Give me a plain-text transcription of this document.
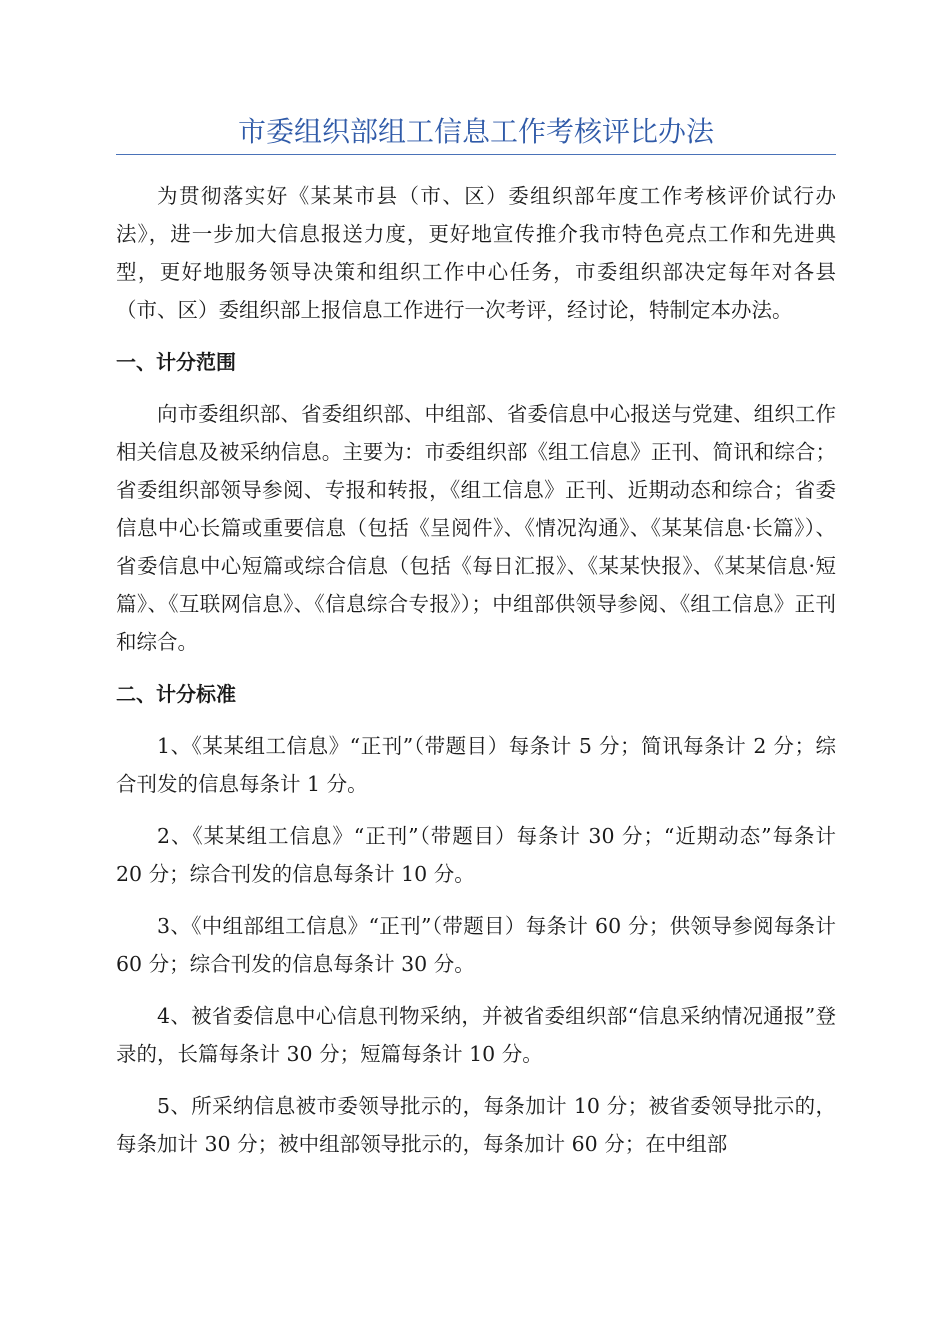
市委组织部组工信息工作考核评比办法

为贯彻落实好《某某市县（市、区）委组织部年度工作考核评价试行办法》，进一步加大信息报送力度，更好地宣传推介我市特色亮点工作和先进典型，更好地服务领导决策和组织工作中心任务，市委组织部决定每年对各县（市、区）委组织部上报信息工作进行一次考评，经讨论，特制定本办法。

一、计分范围

向市委组织部、省委组织部、中组部、省委信息中心报送与党建、组织工作相关信息及被采纳信息。主要为：市委组织部《组工信息》正刊、简讯和综合；省委组织部领导参阅、专报和转报，《组工信息》正刊、近期动态和综合；省委信息中心长篇或重要信息（包括《呈阅件》、《情况沟通》、《某某信息·长篇》）、省委信息中心短篇或综合信息（包括《每日汇报》、《某某快报》、《某某信息·短篇》、《互联网信息》、《信息综合专报》）；中组部供领导参阅、《组工信息》正刊和综合。

二、计分标准

1、《某某组工信息》“正刊”（带题目）每条计 5 分；简讯每条计 2 分；综合刊发的信息每条计 1 分。

2、《某某组工信息》“正刊”（带题目）每条计 30 分；“近期动态”每条计 20 分；综合刊发的信息每条计 10 分。

3、《中组部组工信息》“正刊”（带题目）每条计 60 分；供领导参阅每条计 60 分；综合刊发的信息每条计 30 分。

4、被省委信息中心信息刊物采纳，并被省委组织部“信息采纳情况通报”登录的，长篇每条计 30 分；短篇每条计 10 分。

5、所采纳信息被市委领导批示的，每条加计 10 分；被省委领导批示的，每条加计 30 分；被中组部领导批示的，每条加计 60 分；在中组部
